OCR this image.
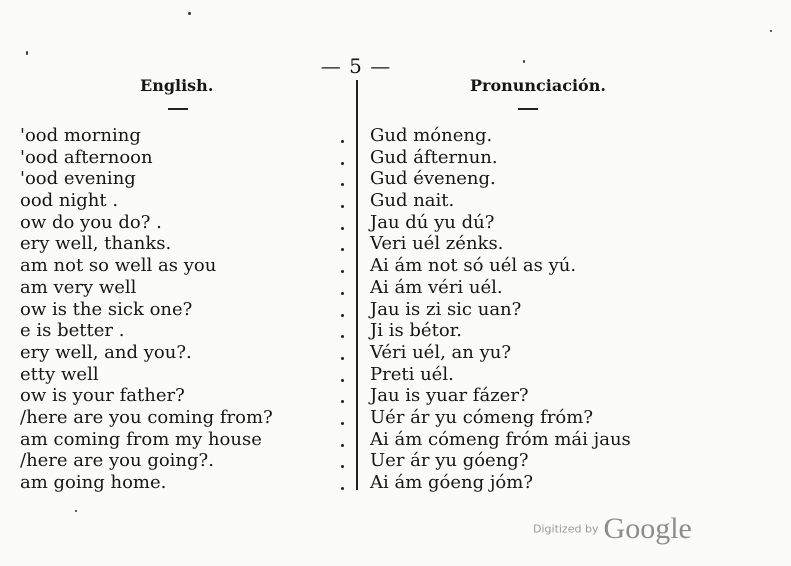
— 5 —
English.	Pronunciación.
'ood morning	Gud móneng.
'ood afternoon	Gud áfternun.
'ood evening	Gud éveneng.
ood night .	Gud nait.
ow do you do? .	Jau dú yu dú?
ery well, thanks.	Veri uél zénks.
am not so well as you	Ai ám not só uél as yú.
am very well	Ai ám véri uél.
ow is the sick one?	Jau is zi sic uan?
e is better .	Ji is bétor.
ery well, and you?.	Véri uél, an yu?
etty well	Preti uél.
ow is your father?	Jau is yuar fázer?
/here are you coming from?	Uér ár yu cómeng fróm?
am coming from my house	Ai ám cómeng fróm mái jaus
/here are you going?.	Uer ár yu góeng?
am going home.	Ai ám góeng jóm?
Digitized by Google
